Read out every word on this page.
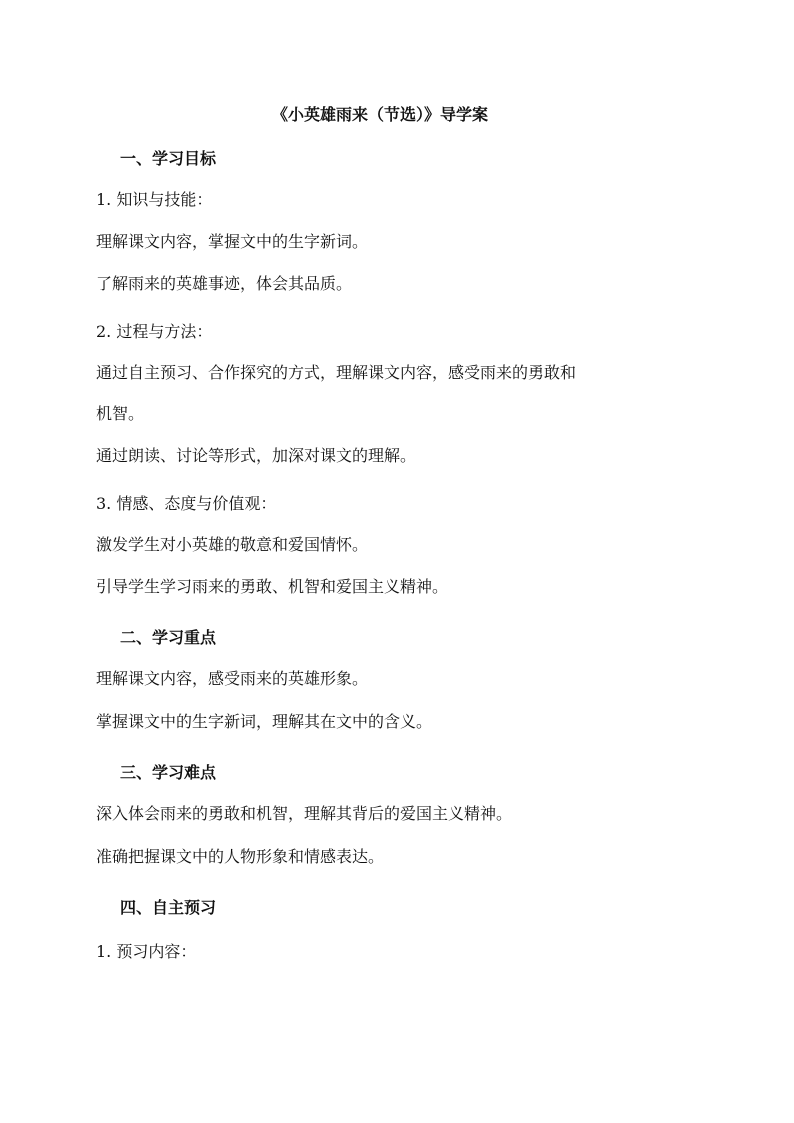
《小英雄雨来（节选）》导学案
一、学习目标
1. 知识与技能：
理解课文内容，掌握文中的生字新词。
了解雨来的英雄事迹，体会其品质。
2. 过程与方法：
通过自主预习、合作探究的方式，理解课文内容，感受雨来的勇敢和
机智。
通过朗读、讨论等形式，加深对课文的理解。
3. 情感、态度与价值观：
激发学生对小英雄的敬意和爱国情怀。
引导学生学习雨来的勇敢、机智和爱国主义精神。
二、学习重点
理解课文内容，感受雨来的英雄形象。
掌握课文中的生字新词，理解其在文中的含义。
三、学习难点
深入体会雨来的勇敢和机智，理解其背后的爱国主义精神。
准确把握课文中的人物形象和情感表达。
四、自主预习
1. 预习内容：
